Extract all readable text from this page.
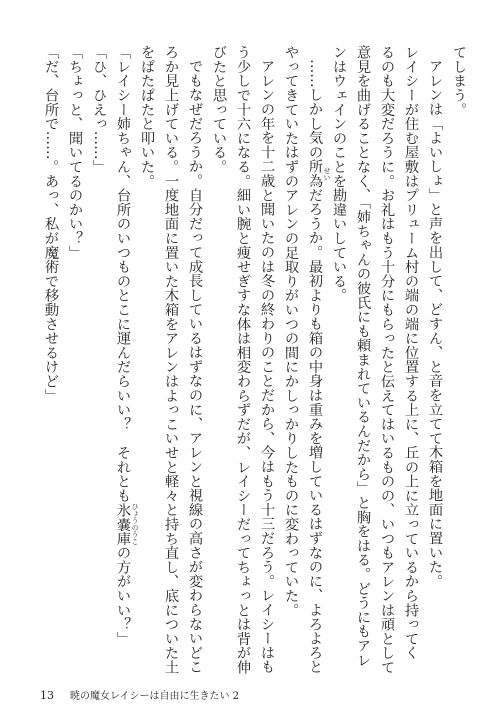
てしまう。
アレンは「よいしょ」と声を出して、どすん、と音を立てて木箱を地面に置いた。
レイシーが住む屋敷はプリューム村の端の端に位置する上に、丘の上に立っているから持ってく
るのも大変だろうに。お礼はもう十分にもらったと伝えてはいるものの、いつもアレンは頑として
意見を曲げることなく、「姉ちゃんの彼氏にも頼まれているんだから」と胸をはる。どうにもアレ
ンはウェインのことを勘違いしている。
……しかし気の所為 せい
だろうか。最初よりも箱の中身は重みを増しているはずなのに、よろよろと
やってきていたはずのアレンの足取りがいつの間にかしっかりしたものに変わっていた。
アレンの年を十二歳と聞いたのは冬の終わりのことだから、今はもう十三だろう。レイシーはも
う少しで十六になる。細い腕と痩せぎすな体は相変わらずだが、レイシーだってちょっとは背が伸
びたと思っている。
でもなぜだろうか。自分だって成長しているはずなのに、アレンと視線の高さが変わらないどこ
ろか見上げている。一度地面に置いた木箱をアレンはよっこいせと軽々と持ち直し、底についた土
をぱたぱたと叩いた。
「レイシー姉ちゃん、台所のいつものとこに運んだらいい？　それとも氷嚢庫 ひょうのうこ
の方がいい？」
「ひ、ひえっ……」
「ちょっと、聞いてるのかい？」
「だ、台所で……。あっ、私が魔術で移動させるけど」
13 暁の魔女レイシーは自由に生きたい 2
